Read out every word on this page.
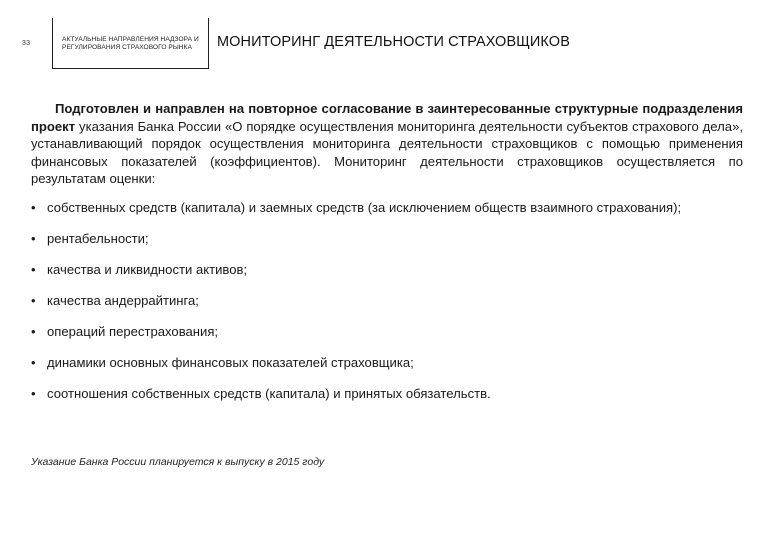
33
АКТУАЛЬНЫЕ НАПРАВЛЕНИЯ НАДЗОРА И РЕГУЛИРОВАНИЯ СТРАХОВОГО РЫНКА	МОНИТОРИНГ ДЕЯТЕЛЬНОСТИ СТРАХОВЩИКОВ

Подготовлен и направлен на повторное согласование в заинтересованные структурные подразделения проект указания Банка России «О порядке осуществления мониторинга деятельности субъектов страхового дела», устанавливающий порядок осуществления мониторинга деятельности страховщиков с помощью применения финансовых показателей (коэффициентов). Мониторинг деятельности страховщиков осуществляется по результатам оценки:

• собственных средств (капитала) и заемных средств (за исключением обществ взаимного страхования);
• рентабельности;
• качества и ликвидности активов;
• качества андеррайтинга;
• операций перестрахования;
• динамики основных финансовых показателей страховщика;
• соотношения собственных средств (капитала) и принятых обязательств.
Указание Банка России планируется к выпуску в 2015 году
